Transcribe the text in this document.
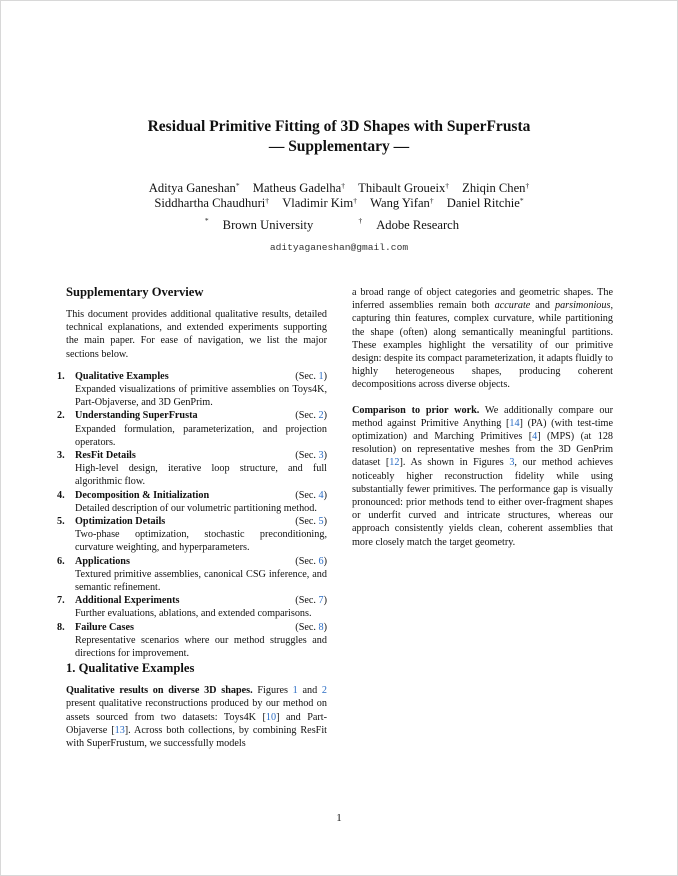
Residual Primitive Fitting of 3D Shapes with SuperFrusta
— Supplementary —
Aditya Ganeshan* Matheus Gadelha† Thibault Groueix† Zhiqin Chen†
Siddhartha Chaudhuri† Vladimir Kim† Wang Yifan† Daniel Ritchie*
* Brown University	† Adobe Research
adityaganeshan@gmail.com
Supplementary Overview

This document provides additional qualitative results, detailed technical explanations, and extended experiments supporting the main paper. For ease of navigation, we list the major sections below.

1. Qualitative Examples	(Sec. 1)
Expanded visualizations of primitive assemblies on Toys4K, Part-Objaverse, and 3D GenPrim.
2. Understanding SuperFrusta	(Sec. 2)
Expanded formulation, parameterization, and projection operators.
3. ResFit Details	(Sec. 3)
High-level design, iterative loop structure, and full algorithmic flow.
4. Decomposition & Initialization	(Sec. 4)
Detailed description of our volumetric partitioning method.
5. Optimization Details	(Sec. 5)
Two-phase optimization, stochastic preconditioning, curvature weighting, and hyperparameters.
6. Applications	(Sec. 6)
Textured primitive assemblies, canonical CSG inference, and semantic refinement.
7. Additional Experiments	(Sec. 7)
Further evaluations, ablations, and extended comparisons.
8. Failure Cases	(Sec. 8)
Representative scenarios where our method struggles and directions for improvement.
1. Qualitative Examples

Qualitative results on diverse 3D shapes. Figures 1 and 2 present qualitative reconstructions produced by our method on assets sourced from two datasets: Toys4K [10] and Part-Objaverse [13]. Across both collections, by combining ResFit with SuperFrustum, we successfully models

a broad range of object categories and geometric shapes. The inferred assemblies remain both accurate and parsimonious, capturing thin features, complex curvature, while partitioning the shape (often) along semantically meaningful partitions. These examples highlight the versatility of our primitive design: despite its compact parameterization, it adapts fluidly to highly heterogeneous shapes, producing coherent decompositions across diverse objects.

Comparison to prior work. We additionally compare our method against Primitive Anything [14] (PA) (with test-time optimization) and Marching Primitives [4] (MPS) (at 128 resolution) on representative meshes from the 3D GenPrim dataset [12]. As shown in Figures 3, our method achieves noticeably higher reconstruction fidelity while using substantially fewer primitives. The performance gap is visually pronounced: prior methods tend to either over-fragment shapes or underfit curved and intricate structures, whereas our approach consistently yields clean, coherent assemblies that more closely match the target geometry.

1
